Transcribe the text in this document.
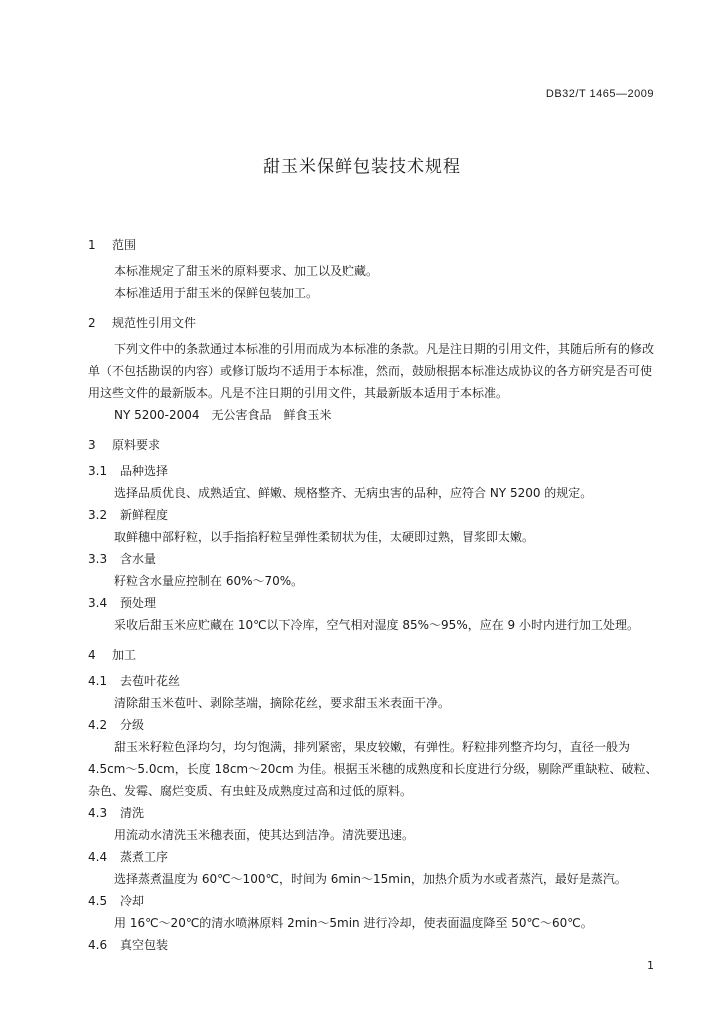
DB32/T 1465—2009
甜玉米保鲜包装技术规程
1 范围

本标准规定了甜玉米的原料要求、加工以及贮藏。

本标准适用于甜玉米的保鲜包装加工。

2 规范性引用文件

下列文件中的条款通过本标准的引用而成为本标准的条款。凡是注日期的引用文件，其随后所有的修改单（不包括勘误的内容）或修订版均不适用于本标准，然而，鼓励根据本标准达成协议的各方研究是否可使用这些文件的最新版本。凡是不注日期的引用文件，其最新版本适用于本标准。

NY 5200-2004　无公害食品　鲜食玉米

3 原料要求
3.1 品种选择

选择品质优良、成熟适宜、鲜嫩、规格整齐、无病虫害的品种，应符合 NY 5200 的规定。

3.2 新鲜程度

取鲜穗中部籽粒，以手指掐籽粒呈弹性柔韧状为佳，太硬即过熟，冒浆即太嫩。

3.3 含水量

籽粒含水量应控制在 60%～70%。

3.4 预处理

采收后甜玉米应贮藏在 10℃以下冷库，空气相对湿度 85%～95%，应在 9 小时内进行加工处理。

4 加工
4.1 去苞叶花丝

清除甜玉米苞叶、剥除茎端，摘除花丝，要求甜玉米表面干净。

4.2 分级

甜玉米籽粒色泽均匀，均匀饱满，排列紧密，果皮较嫩，有弹性。籽粒排列整齐均匀，直径一般为 4.5cm～5.0cm，长度 18cm～20cm 为佳。根据玉米穗的成熟度和长度进行分级，剔除严重缺粒、破粒、杂色、发霉、腐烂变质、有虫蛀及成熟度过高和过低的原料。

4.3 清洗

用流动水清洗玉米穗表面，使其达到洁净。清洗要迅速。

4.4 蒸煮工序

选择蒸煮温度为 60℃～100℃，时间为 6min～15min，加热介质为水或者蒸汽，最好是蒸汽。

4.5 冷却

用 16℃～20℃的清水喷淋原料 2min～5min 进行冷却，使表面温度降至 50℃～60℃。

4.6 真空包装
1
